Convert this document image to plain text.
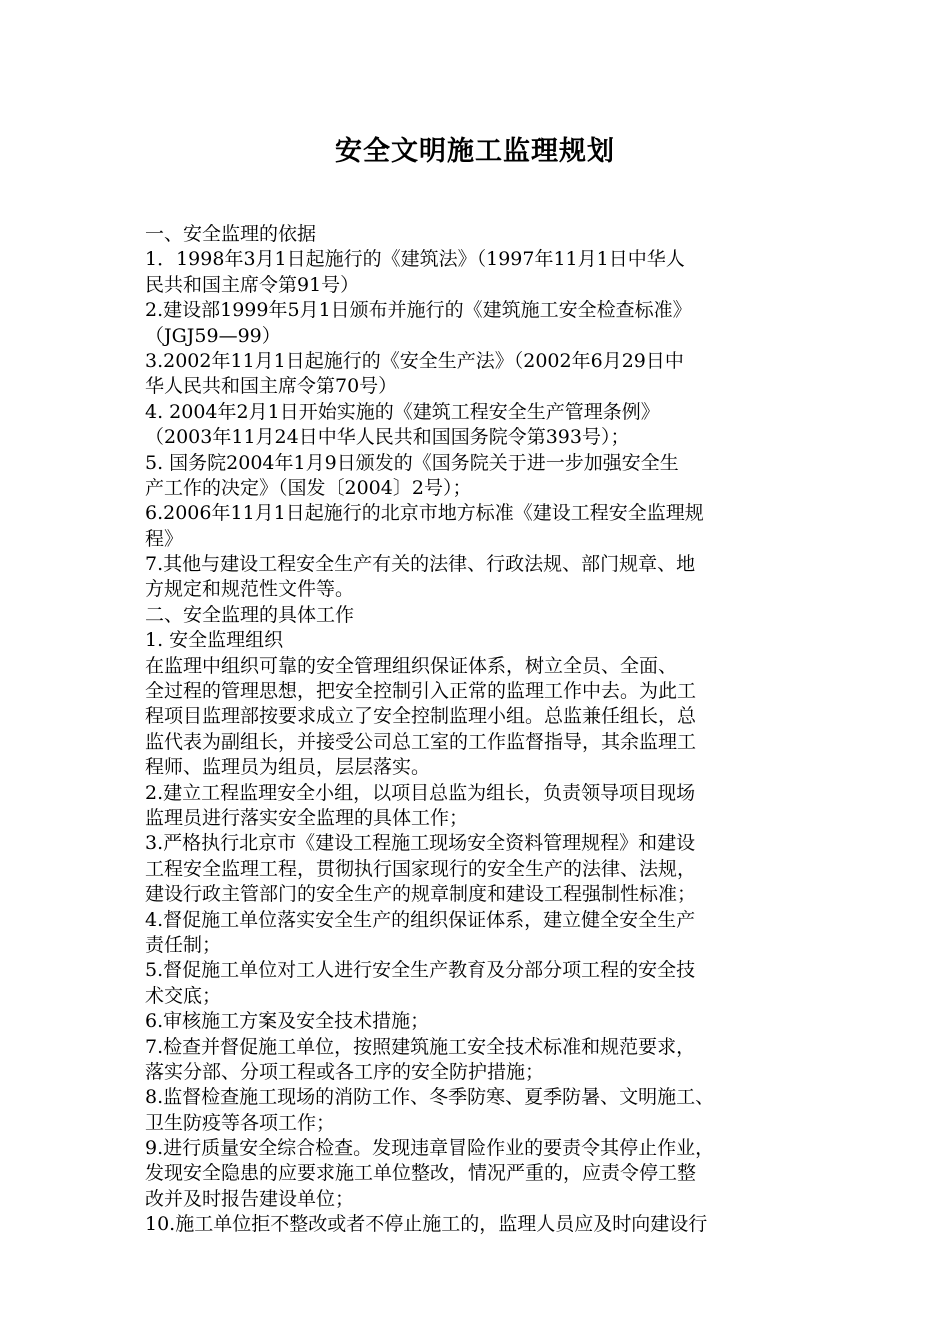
安全文明施工监理规划
一、安全监理的依据
1．1998年3月1日起施行的《建筑法》（1997年11月1日中华人
民共和国主席令第91号）
2.建设部1999年5月1日颁布并施行的《建筑施工安全检查标准》
（JGJ59—99）
3.2002年11月1日起施行的《安全生产法》（2002年6月29日中
华人民共和国主席令第70号）
4. 2004年2月1日开始实施的《建筑工程安全生产管理条例》
（2003年11月24日中华人民共和国国务院令第393号）；
5. 国务院2004年1月9日颁发的《国务院关于进一步加强安全生
产工作的决定》（国发〔2004〕2号）；
6.2006年11月1日起施行的北京市地方标准《建设工程安全监理规
程》
7.其他与建设工程安全生产有关的法律、行政法规、部门规章、地
方规定和规范性文件等。
二、安全监理的具体工作
1. 安全监理组织
在监理中组织可靠的安全管理组织保证体系，树立全员、全面、
全过程的管理思想，把安全控制引入正常的监理工作中去。为此工
程项目监理部按要求成立了安全控制监理小组。总监兼任组长，总
监代表为副组长，并接受公司总工室的工作监督指导，其余监理工
程师、监理员为组员，层层落实。
2.建立工程监理安全小组，以项目总监为组长，负责领导项目现场
监理员进行落实安全监理的具体工作；
3.严格执行北京市《建设工程施工现场安全资料管理规程》和建设
工程安全监理工程，贯彻执行国家现行的安全生产的法律、法规，
建设行政主管部门的安全生产的规章制度和建设工程强制性标准；
4.督促施工单位落实安全生产的组织保证体系，建立健全安全生产
责任制；
5.督促施工单位对工人进行安全生产教育及分部分项工程的安全技
术交底；
6.审核施工方案及安全技术措施；
7.检查并督促施工单位，按照建筑施工安全技术标准和规范要求，
落实分部、分项工程或各工序的安全防护措施；
8.监督检查施工现场的消防工作、冬季防寒、夏季防暑、文明施工、
卫生防疫等各项工作；
9.进行质量安全综合检查。发现违章冒险作业的要责令其停止作业，
发现安全隐患的应要求施工单位整改，情况严重的，应责令停工整
改并及时报告建设单位；
10.施工单位拒不整改或者不停止施工的，监理人员应及时向建设行
